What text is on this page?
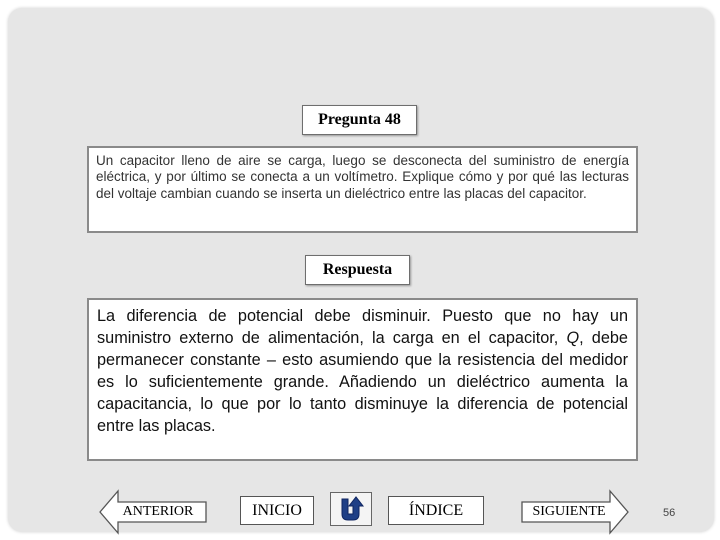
Pregunta 48
Un capacitor lleno de aire se carga, luego se desconecta del suministro de energía eléctrica, y por último se conecta a un voltímetro. Explique cómo y por qué las lecturas del voltaje cambian cuando se inserta un dieléctrico entre las placas del capacitor.
Respuesta
La diferencia de potencial debe disminuir. Puesto que no hay un suministro externo de alimentación, la carga en el capacitor, Q, debe permanecer constante – esto asumiendo que la resistencia del medidor es lo suficientemente grande. Añadiendo un dieléctrico aumenta la capacitancia, lo que por lo tanto disminuye la diferencia de potencial entre las placas.
ANTERIOR	INICIO	ÍNDICE	SIGUIENTE	56
